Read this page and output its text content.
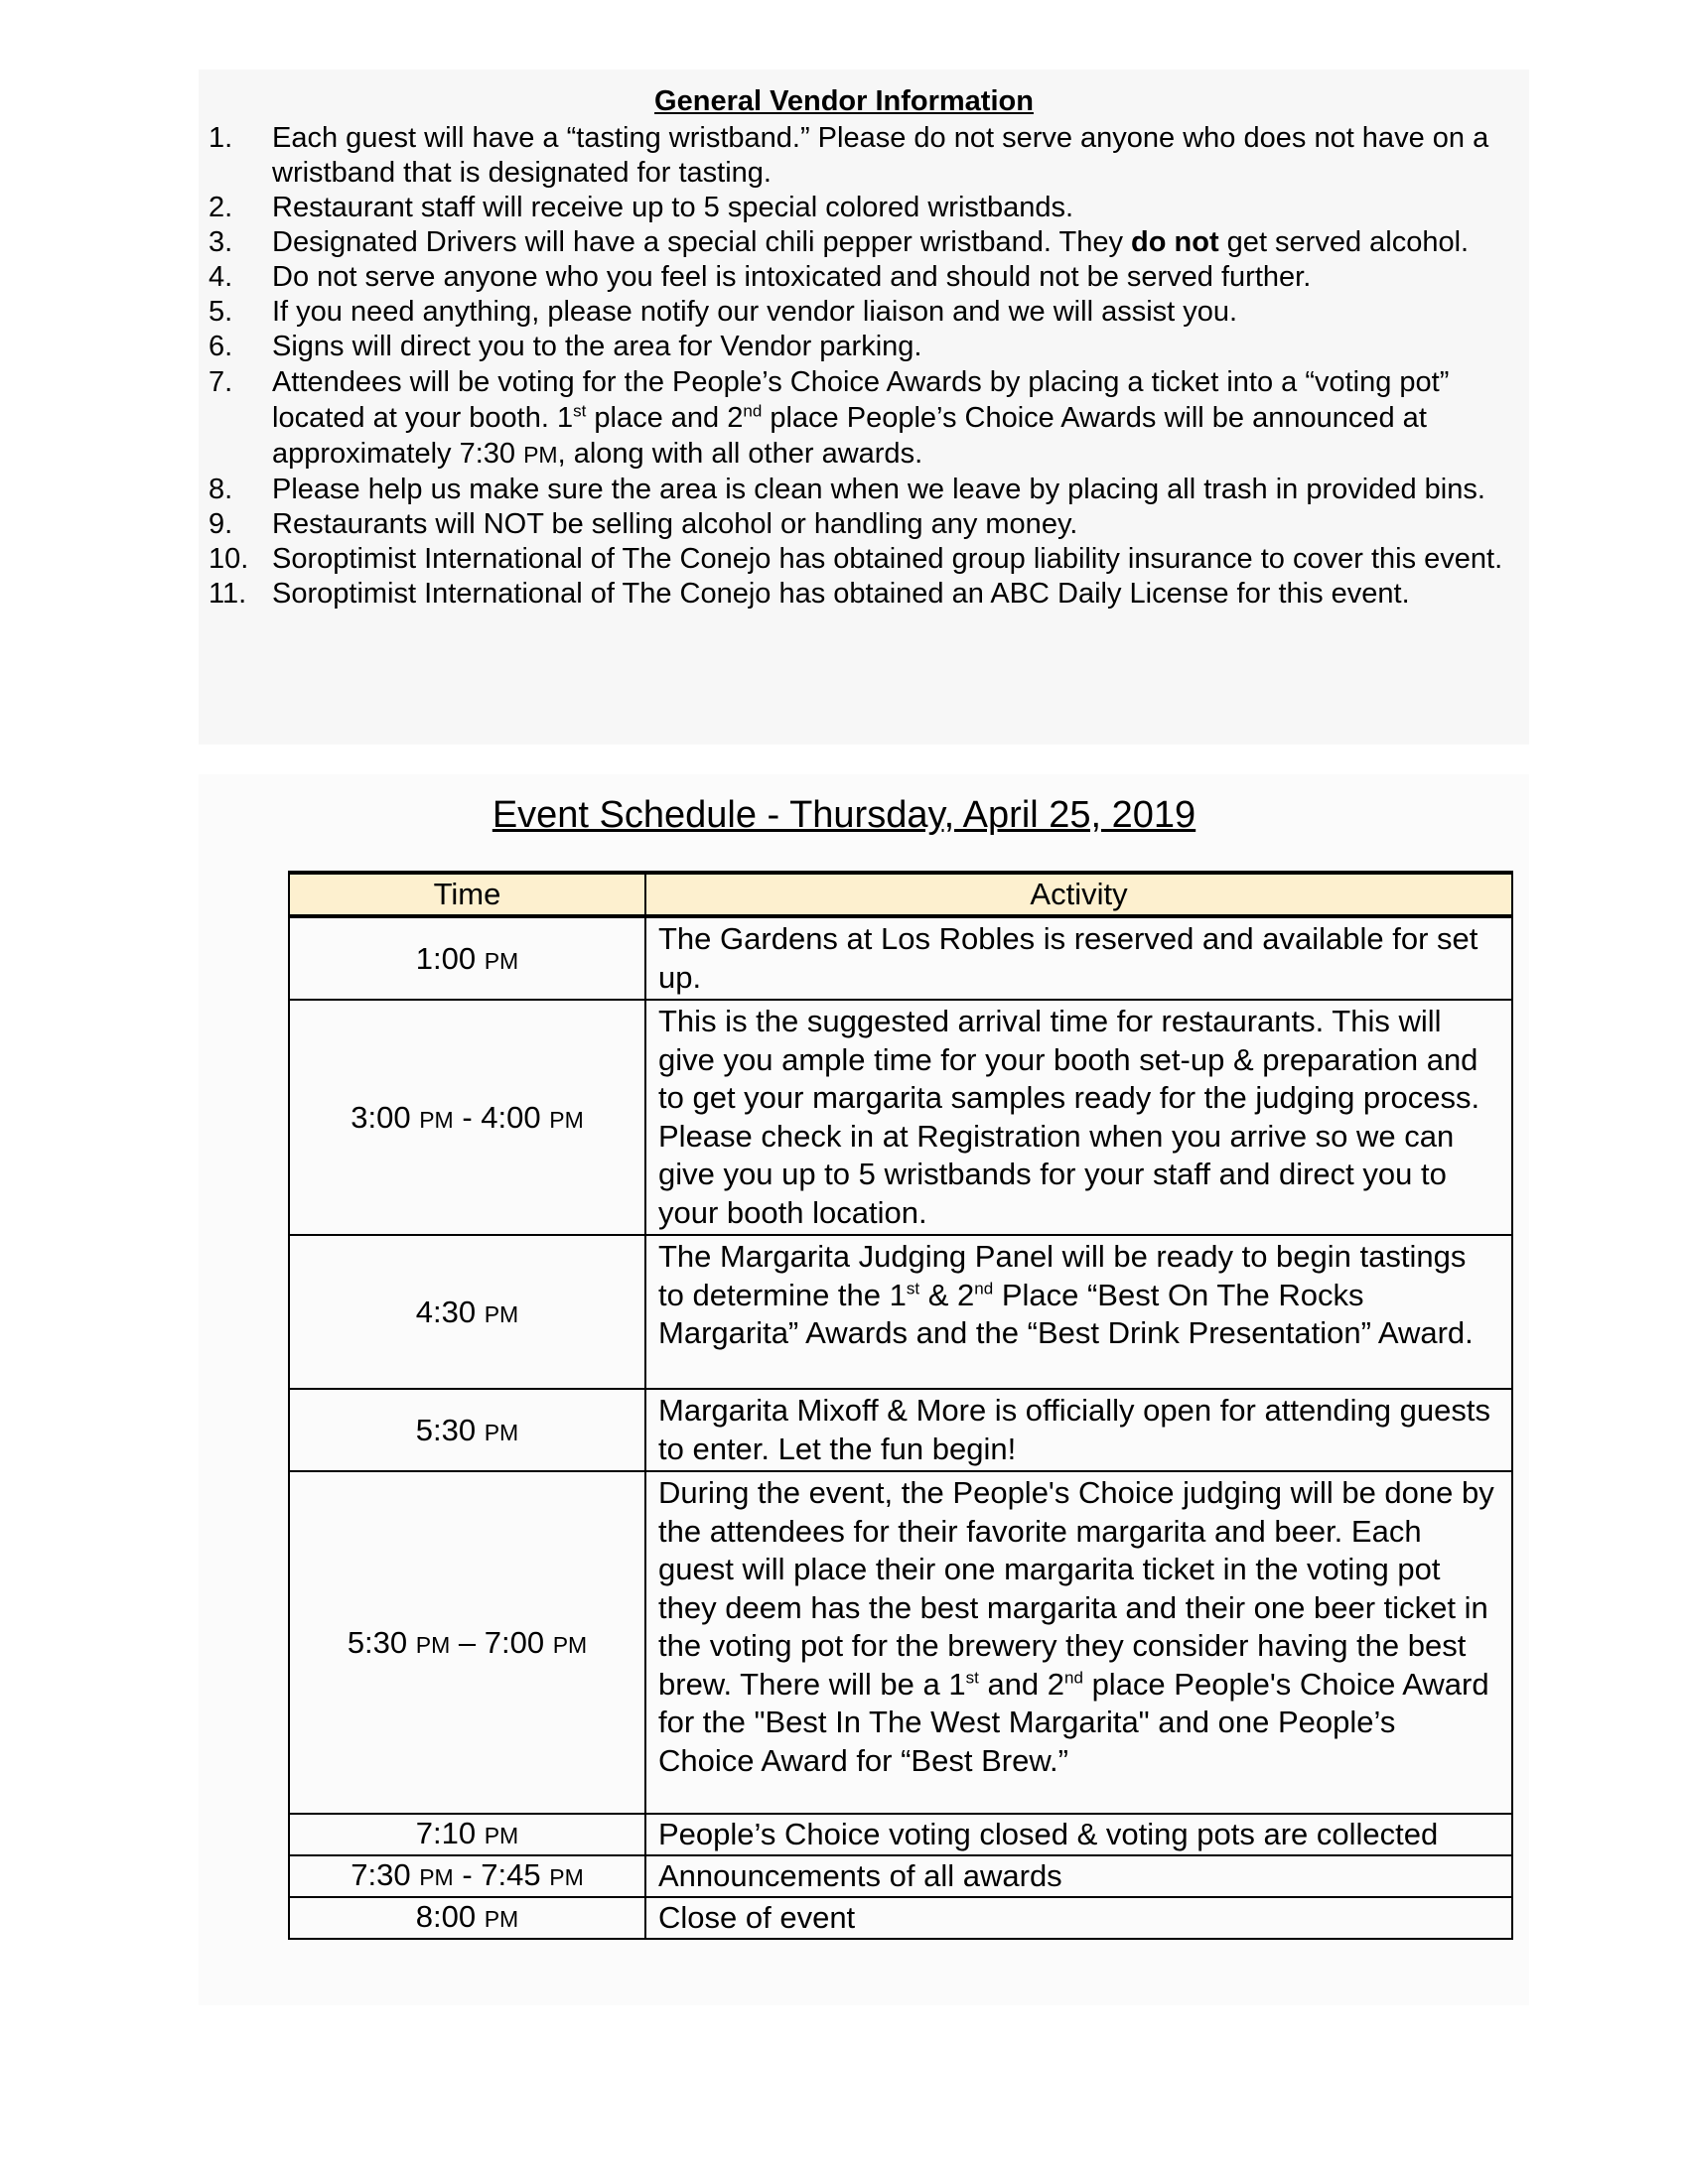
General Vendor Information
1. Each guest will have a “tasting wristband.” Please do not serve anyone who does not have on a wristband that is designated for tasting.
2. Restaurant staff will receive up to 5 special colored wristbands.
3. Designated Drivers will have a special chili pepper wristband. They do not get served alcohol.
4. Do not serve anyone who you feel is intoxicated and should not be served further.
5. If you need anything, please notify our vendor liaison and we will assist you.
6. Signs will direct you to the area for Vendor parking.
7. Attendees will be voting for the People’s Choice Awards by placing a ticket into a “voting pot” located at your booth. 1st place and 2nd place People’s Choice Awards will be announced at approximately 7:30 PM, along with all other awards.
8. Please help us make sure the area is clean when we leave by placing all trash in provided bins.
9. Restaurants will NOT be selling alcohol or handling any money.
10. Soroptimist International of The Conejo has obtained group liability insurance to cover this event.
11. Soroptimist International of The Conejo has obtained an ABC Daily License for this event.
Event Schedule - Thursday, April 25, 2019
Time	Activity
1:00 PM	The Gardens at Los Robles is reserved and available for set up.
3:00 PM - 4:00 PM	This is the suggested arrival time for restaurants. This will give you ample time for your booth set-up & preparation and to get your margarita samples ready for the judging process. Please check in at Registration when you arrive so we can give you up to 5 wristbands for your staff and direct you to your booth location.
4:30 PM	The Margarita Judging Panel will be ready to begin tastings to determine the 1st & 2nd Place “Best On The Rocks Margarita” Awards and the “Best Drink Presentation” Award.
5:30 PM	Margarita Mixoff & More is officially open for attending guests to enter. Let the fun begin!
5:30 PM – 7:00 PM	During the event, the People's Choice judging will be done by the attendees for their favorite margarita and beer. Each guest will place their one margarita ticket in the voting pot they deem has the best margarita and their one beer ticket in the voting pot for the brewery they consider having the best brew. There will be a 1st and 2nd place People's Choice Award for the "Best In The West Margarita" and one People’s Choice Award for “Best Brew.”
7:10 PM	People’s Choice voting closed & voting pots are collected
7:30 PM - 7:45 PM	Announcements of all awards
8:00 PM	Close of event
